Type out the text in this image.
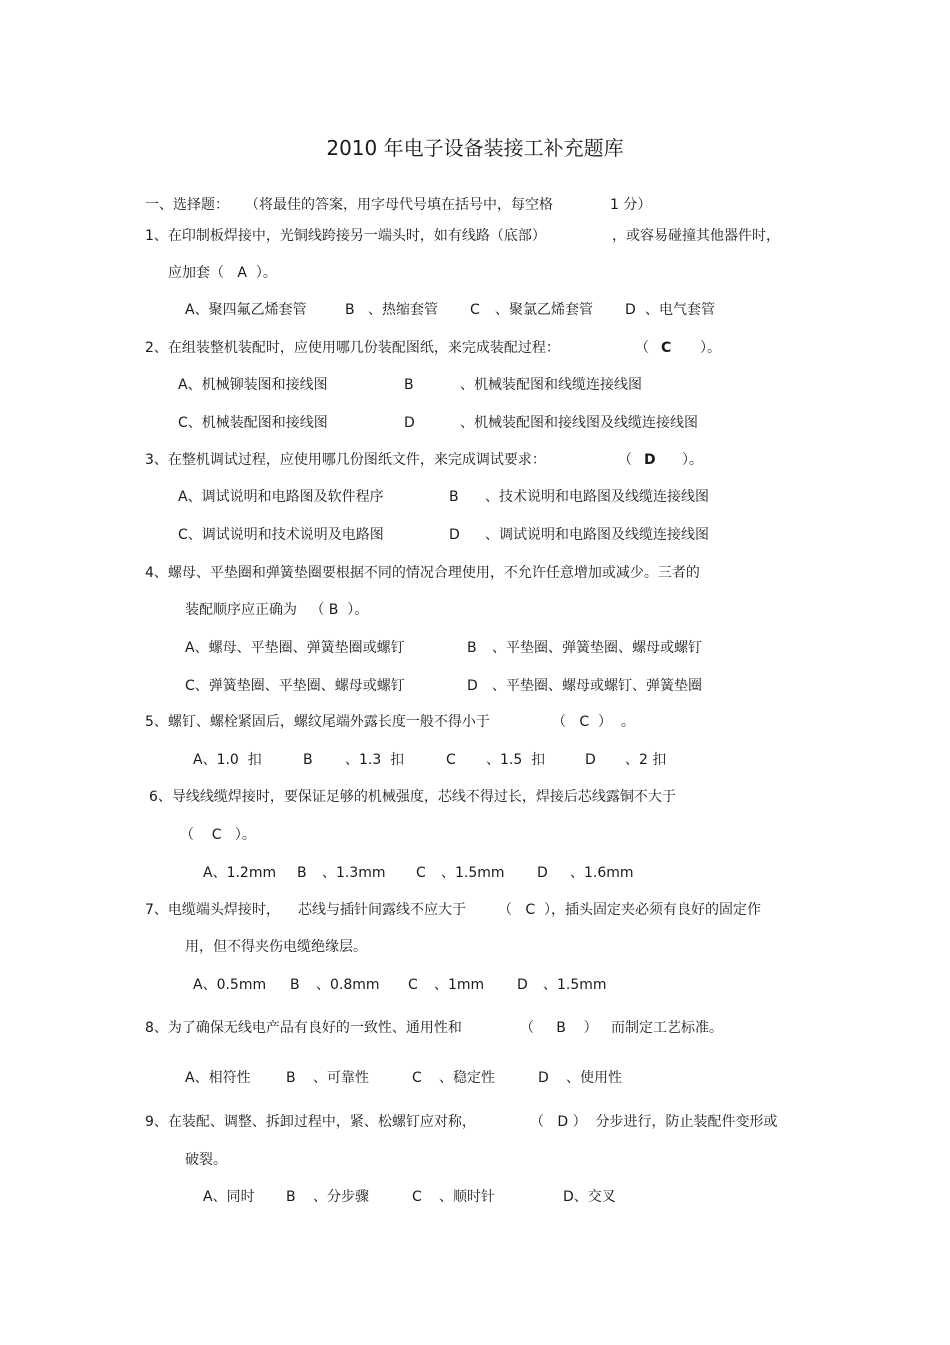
2010 年电子设备装接工补充题库
一、选择题： （将最佳的答案，用字母代号填在括号中，每空格	1 分）
1、在印制板焊接中，光铜线跨接另一端头时，如有线路（底部）	，或容易碰撞其他器件时，
应加套（   A  ）。
A、聚四氟乙烯套管	B 、热缩套管 C 、聚氯乙烯套管 D 、电气套管
2、在组装整机装配时，应使用哪几份装配图纸，来完成装配过程：	（ C ）。
A、机械铆装图和接线图	B	、机械装配图和线缆连接线图
C、机械装配图和接线图	D	、机械装配图和接线图及线缆连接线图
3、在整机调试过程，应使用哪几份图纸文件，来完成调试要求：	（ D ）。
A、调试说明和电路图及软件程序	B 、技术说明和电路图及线缆连接线图
C、调试说明和技术说明及电路图	D 、调试说明和电路图及线缆连接线图
4、螺母、平垫圈和弹簧垫圈要根据不同的情况合理使用，不允许任意增加或减少。三者的
装配顺序应正确为   （ B  ）。
A、螺母、平垫圈、弹簧垫圈或螺钉	B 、平垫圈、弹簧垫圈、螺母或螺钉
C、弹簧垫圈、平垫圈、螺母或螺钉	D 、平垫圈、螺母或螺钉、弹簧垫圈
5、螺钉、螺栓紧固后，螺纹尾端外露长度一般不得小于	（   C  ）  。
A、1.0  扣	B 、1.3  扣	C 、1.5  扣	D 、2 扣
6、导线线缆焊接时，要保证足够的机械强度，芯线不得过长，焊接后芯线露铜不大于
（    C   ）。
A、1.2mm B 、1.3mm C 、1.5mm D 、1.6mm
7、电缆端头焊接时， 芯线与插针间露线不应大于 （   C  ），插头固定夹必须有良好的固定作
用，但不得夹伤电缆绝缘层。
A、0.5mm B 、0.8mm C 、1mm D 、1.5mm
8、为了确保无线电产品有良好的一致性、通用性和	（     B    ）   而制定工艺标准。
A、相符性	B 、可靠性	C 、稳定性	D 、使用性
9、在装配、调整、拆卸过程中，紧、松螺钉应对称，	（   D ）  分步进行，防止装配件变形或
破裂。
A、同时 B 、分步骤	C 、顺时针	D、交叉
